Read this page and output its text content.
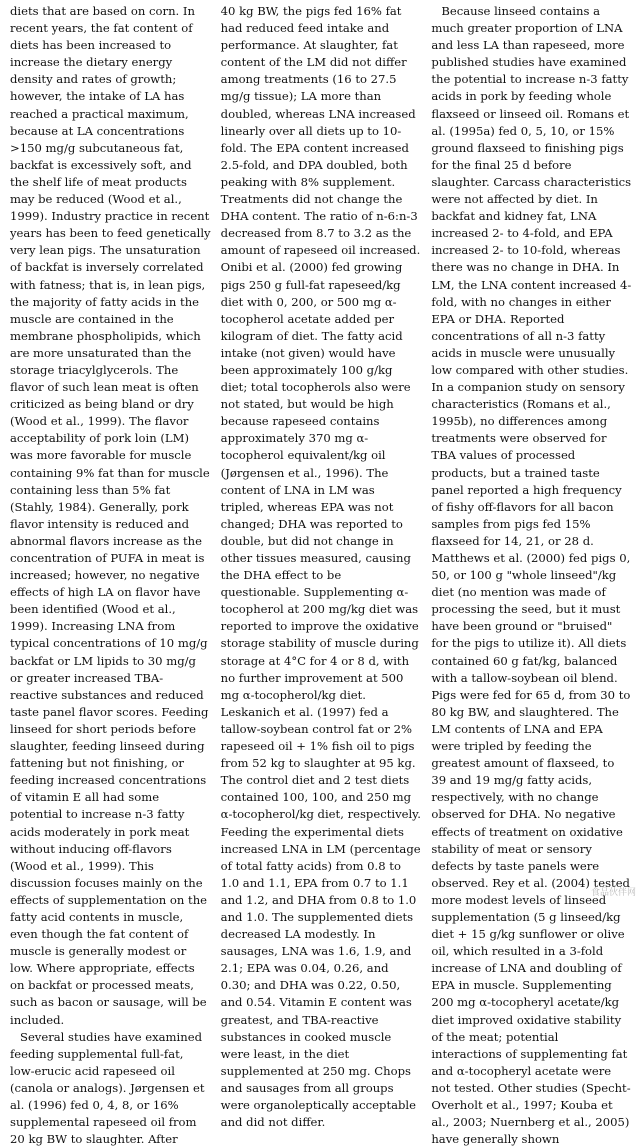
diets that are based on corn. In recent years, the fat content of diets has been increased to increase the dietary energy density and rates of growth; however, the intake of LA has reached a practical maximum, because at LA concentrations >150 mg/g subcutaneous fat, backfat is excessively soft, and the shelf life of meat products may be reduced (Wood et al., 1999). Industry practice in recent years has been to feed genetically very lean pigs. The unsaturation of backfat is inversely correlated with fatness; that is, in lean pigs, the majority of fatty acids in the muscle are contained in the membrane phospholipids, which are more unsaturated than the storage triacylglycerols. The flavor of such lean meat is often criticized as being bland or dry (Wood et al., 1999). The flavor acceptability of pork loin (LM) was more favorable for muscle containing 9% fat than for muscle containing less than 5% fat (Stahly, 1984). Generally, pork flavor intensity is reduced and abnormal flavors increase as the concentration of PUFA in meat is increased; however, no negative effects of high LA on flavor have been identified (Wood et al., 1999). Increasing LNA from typical concentrations of 10 mg/g backfat or LM lipids to 30 mg/g or greater increased TBA-reactive substances and reduced taste panel flavor scores. Feeding linseed for short periods before slaughter, feeding linseed during fattening but not finishing, or feeding increased concentrations of vitamin E all had some potential to increase n-3 fatty acids moderately in pork meat without inducing off-flavors (Wood et al., 1999). This discussion focuses mainly on the effects of supplementation on the fatty acid contents in muscle, even though the fat content of muscle is generally modest or low. Where appropriate, effects on backfat or processed meats, such as bacon or sausage, will be included.

Several studies have examined feeding supplemental full-fat, low-erucic acid rapeseed oil (canola or analogs). Jørgensen et al. (1996) fed 0, 4, 8, or 16% supplemental rapeseed oil from 20 kg BW to slaughter. After

40 kg BW, the pigs fed 16% fat had reduced feed intake and performance. At slaughter, fat content of the LM did not differ among treatments (16 to 27.5 mg/g tissue); LA more than doubled, whereas LNA increased linearly over all diets up to 10-fold. The EPA content increased 2.5-fold, and DPA doubled, both peaking with 8% supplement. Treatments did not change the DHA content. The ratio of n-6:n-3 decreased from 8.7 to 3.2 as the amount of rapeseed oil increased. Onibi et al. (2000) fed growing pigs 250 g full-fat rapeseed/kg diet with 0, 200, or 500 mg α-tocopherol acetate added per kilogram of diet. The fatty acid intake (not given) would have been approximately 100 g/kg diet; total tocopherols also were not stated, but would be high because rapeseed contains approximately 370 mg α-tocopherol equivalent/kg oil (Jørgensen et al., 1996). The content of LNA in LM was tripled, whereas EPA was not changed; DHA was reported to double, but did not change in other tissues measured, causing the DHA effect to be questionable. Supplementing α-tocopherol at 200 mg/kg diet was reported to improve the oxidative storage stability of muscle during storage at 4°C for 4 or 8 d, with no further improvement at 500 mg α-tocopherol/kg diet. Leskanich et al. (1997) fed a tallow-soybean control fat or 2% rapeseed oil + 1% fish oil to pigs from 52 kg to slaughter at 95 kg. The control diet and 2 test diets contained 100, 100, and 250 mg α-tocopherol/kg diet, respectively. Feeding the experimental diets increased LNA in LM (percentage of total fatty acids) from 0.8 to 1.0 and 1.1, EPA from 0.7 to 1.1 and 1.2, and DHA from 0.8 to 1.0 and 1.0. The supplemented diets decreased LA modestly. In sausages, LNA was 1.6, 1.9, and 2.1; EPA was 0.04, 0.26, and 0.30; and DHA was 0.22, 0.50, and 0.54. Vitamin E content was greatest, and TBA-reactive substances in cooked muscle were least, in the diet supplemented at 250 mg. Chops and sausages from all groups were organoleptically acceptable and did not differ.

Because linseed contains a much greater proportion of LNA and less LA than rapeseed, more published studies have examined the potential to increase n-3 fatty acids in pork by feeding whole flaxseed or linseed oil. Romans et al. (1995a) fed 0, 5, 10, or 15% ground flaxseed to finishing pigs for the final 25 d before slaughter. Carcass characteristics were not affected by diet. In backfat and kidney fat, LNA increased 2- to 4-fold, and EPA increased 2- to 10-fold, whereas there was no change in DHA. In LM, the LNA content increased 4-fold, with no changes in either EPA or DHA. Reported concentrations of all n-3 fatty acids in muscle were unusually low compared with other studies. In a companion study on sensory characteristics (Romans et al., 1995b), no differences among treatments were observed for TBA values of processed products, but a trained taste panel reported a high frequency of fishy off-flavors for all bacon samples from pigs fed 15% flaxseed for 14, 21, or 28 d. Matthews et al. (2000) fed pigs 0, 50, or 100 g "whole linseed"/kg diet (no mention was made of processing the seed, but it must have been ground or "bruised" for the pigs to utilize it). All diets contained 60 g fat/kg, balanced with a tallow-soybean oil blend. Pigs were fed for 65 d, from 30 to 80 kg BW, and slaughtered. The LM contents of LNA and EPA were tripled by feeding the greatest amount of flaxseed, to 39 and 19 mg/g fatty acids, respectively, with no change observed for DHA. No negative effects of treatment on oxidative stability of meat or sensory defects by taste panels were observed. Rey et al. (2004) tested more modest levels of linseed supplementation (5 g linseed/kg diet + 15 g/kg sunflower or olive oil, which resulted in a 3-fold increase of LNA and doubling of EPA in muscle. Supplementing 200 mg α-tocopheryl acetate/kg diet improved oxidative stability of the meat; potential interactions of supplementing fat and α-tocopheryl acetate were not tested. Other studies (Specht-Overholt et al., 1997; Kouba et al., 2003; Nuernberg et al., 2005) have generally shown

食品伙伴网
